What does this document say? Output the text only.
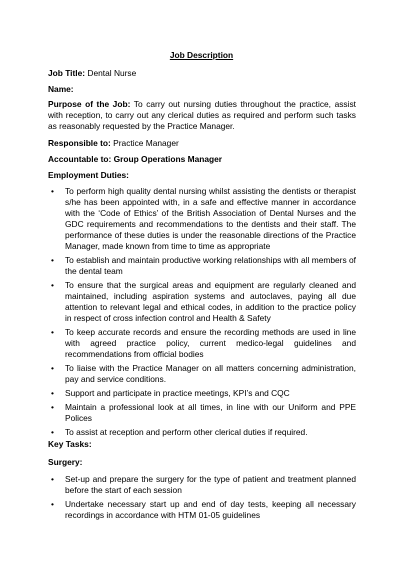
Job Description
Job Title: Dental Nurse
Name:
Purpose of the Job: To carry out nursing duties throughout the practice, assist with reception, to carry out any clerical duties as required and perform such tasks as reasonably requested by the Practice Manager.
Responsible to: Practice Manager
Accountable to: Group Operations Manager
Employment Duties:
• To perform high quality dental nursing whilst assisting the dentists or therapist s/he has been appointed with, in a safe and effective manner in accordance with the ‘Code of Ethics’ of the British Association of Dental Nurses and the GDC requirements and recommendations to the dentists and their staff. The performance of these duties is under the reasonable directions of the Practice Manager, made known from time to time as appropriate
• To establish and maintain productive working relationships with all members of the dental team
• To ensure that the surgical areas and equipment are regularly cleaned and maintained, including aspiration systems and autoclaves, paying all due attention to relevant legal and ethical codes, in addition to the practice policy in respect of cross infection control and Health & Safety
• To keep accurate records and ensure the recording methods are used in line with agreed practice policy, current medico-legal guidelines and recommendations from official bodies
• To liaise with the Practice Manager on all matters concerning administration, pay and service conditions.
• Support and participate in practice meetings, KPI’s and CQC
• Maintain a professional look at all times, in line with our Uniform and PPE Polices
• To assist at reception and perform other clerical duties if required.
Key Tasks:
Surgery:
• Set-up and prepare the surgery for the type of patient and treatment planned before the start of each session
• Undertake necessary start up and end of day tests, keeping all necessary recordings in accordance with HTM 01-05 guidelines
